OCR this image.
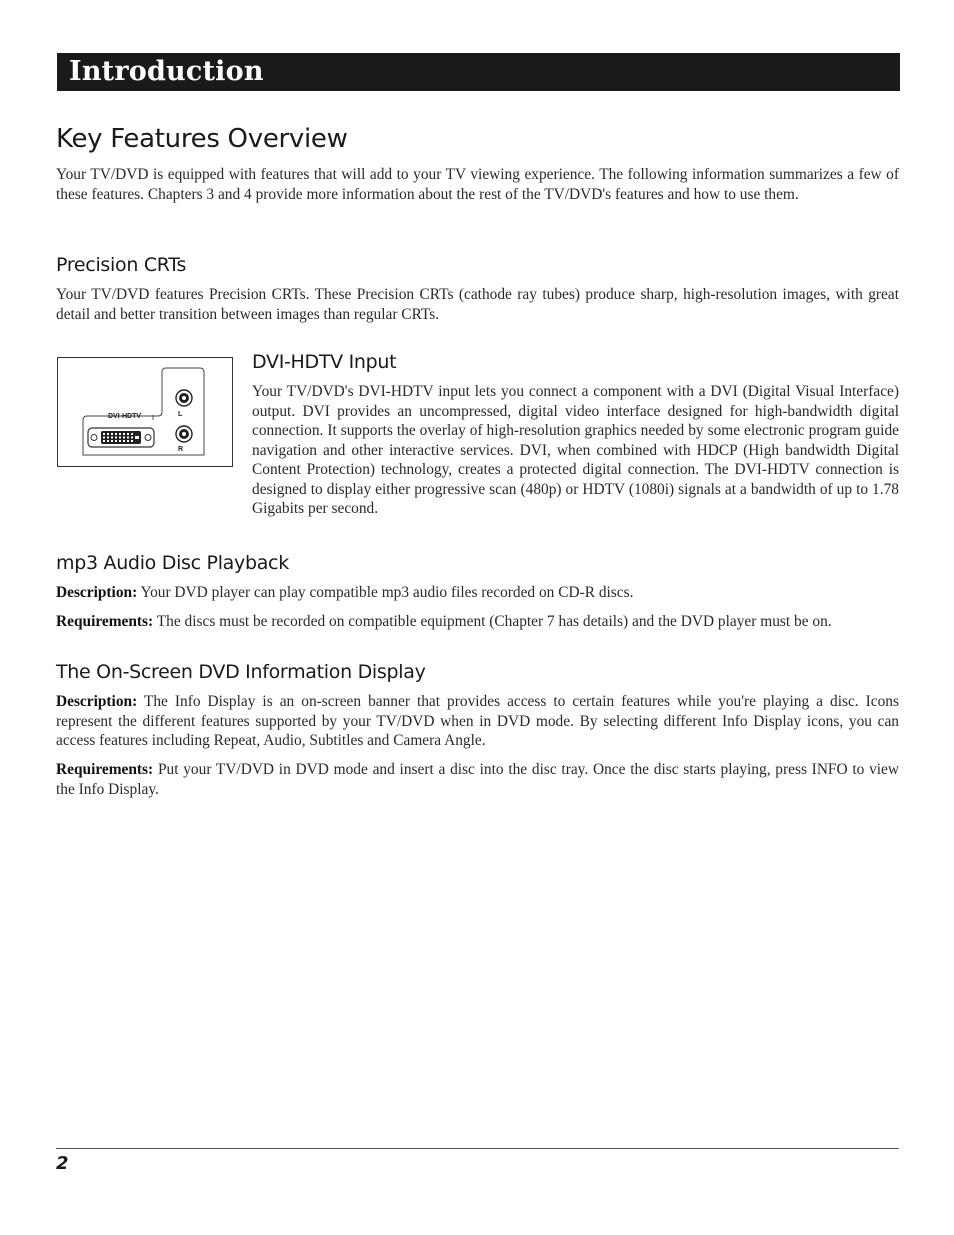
Introduction
Key Features Overview

Your TV/DVD is equipped with features that will add to your TV viewing experience. The following information summarizes a few of these features. Chapters 3 and 4 provide more information about the rest of the TV/DVD's features and how to use them.

Precision CRTs

Your TV/DVD features Precision CRTs. These Precision CRTs (cathode ray tubes) produce sharp, high-resolution images, with great detail and better transition between images than regular CRTs.

DVI-HDTV	L
R
DVI-HDTV Input

Your TV/DVD's DVI-HDTV input lets you connect a component with a DVI (Digital Visual Interface) output. DVI provides an uncompressed, digital video interface designed for high-bandwidth digital connection. It supports the overlay of high-resolution graphics needed by some electronic program guide navigation and other interactive services. DVI, when combined with HDCP (High bandwidth Digital Content Protection) technology, creates a protected digital connection. The DVI-HDTV connection is designed to display either progressive scan (480p) or HDTV (1080i) signals at a bandwidth of up to 1.78 Gigabits per second.

mp3 Audio Disc Playback

Description: Your DVD player can play compatible mp3 audio files recorded on CD-R discs.

Requirements: The discs must be recorded on compatible equipment (Chapter 7 has details) and the DVD player must be on.

The On-Screen DVD Information Display

Description: The Info Display is an on-screen banner that provides access to certain features while you're playing a disc. Icons represent the different features supported by your TV/DVD when in DVD mode. By selecting different Info Display icons, you can access features including Repeat, Audio, Subtitles and Camera Angle.

Requirements: Put your TV/DVD in DVD mode and insert a disc into the disc tray. Once the disc starts playing, press INFO to view the Info Display.

2
